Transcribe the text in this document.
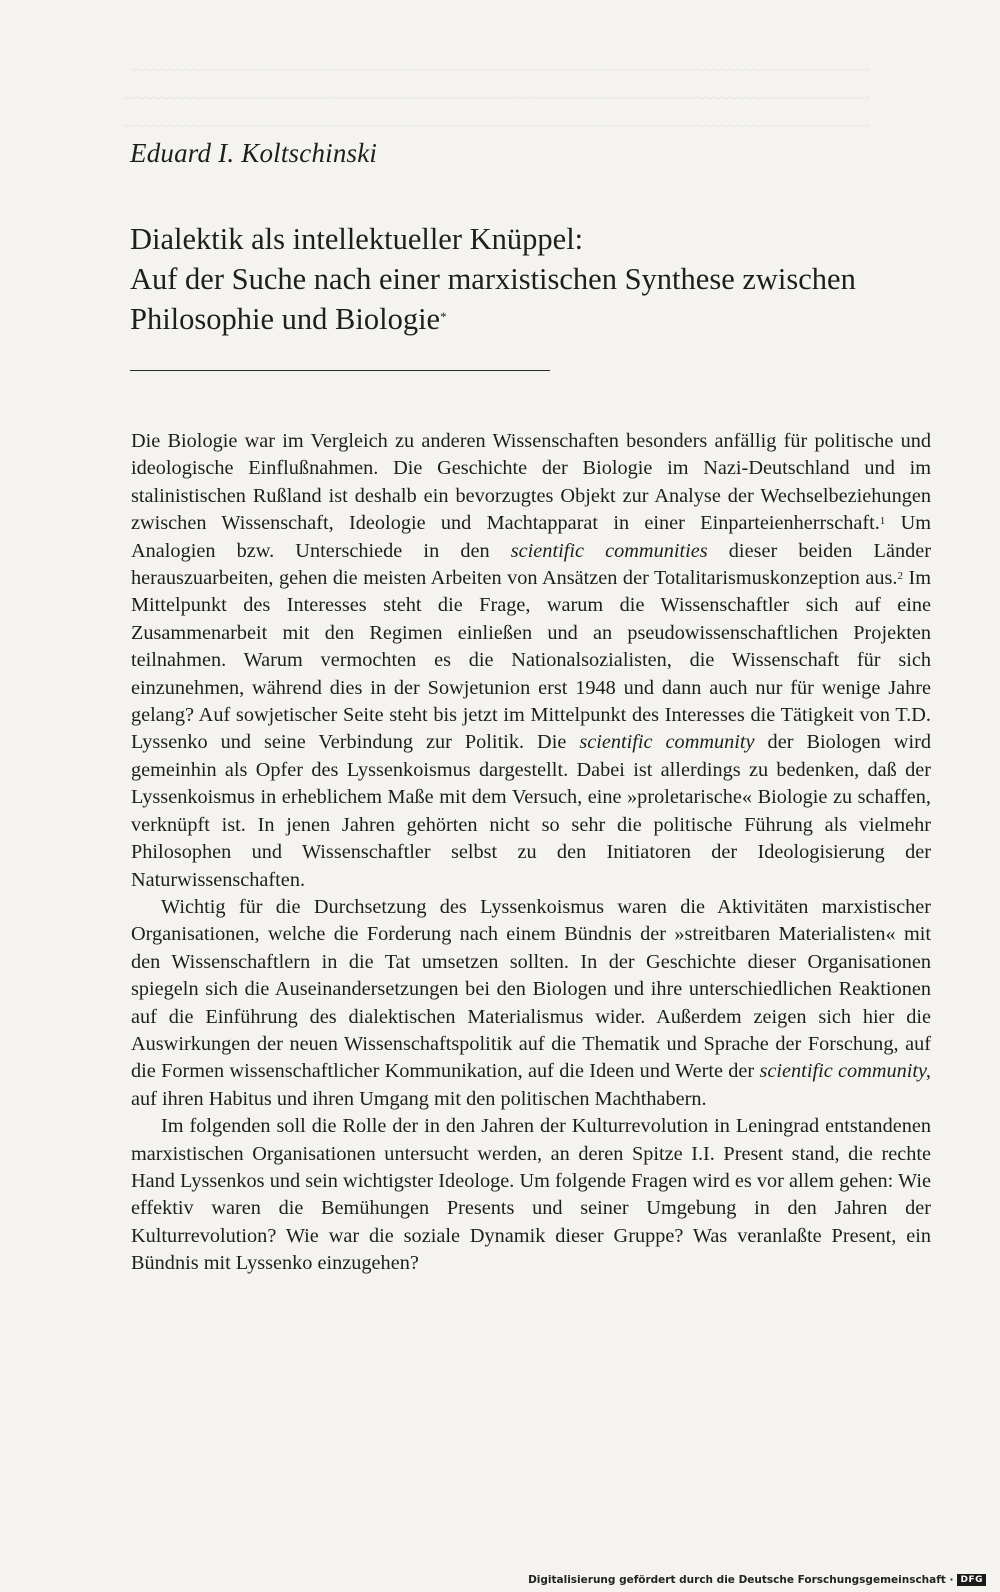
~~~~~~~~~~~~~~~~~~~~~~~~~~~~~~~~~~~~~~~~~~~~~~~~~~~~~~~~~~~~~~~~~~~~~~~~~~~~~~~~~~~~~~~~~~~

~~~~~~~~~~~~~~~~~~~~~~~~~~~~~~~~~~~~~~~~~~~~~~~~~~~~~~~~~~~~~~~~~~~~~~~~~~~~~~~~~~~~~~~~~~~~

~~~~~~~~~~~~~~~~~~~~~~~~~~~~~~~~~~~~~~~~~~~~~~~~~~~~~~~~~~~~~~~~~~~~~~~~~~~~~~~~~~~~~~~~~~~~

Eduard I. Koltschinski
Dialektik als intellektueller Knüppel:
Auf der Suche nach einer marxistischen Synthese zwischen
Philosophie und Biologie*

Die Biologie war im Vergleich zu anderen Wissenschaften besonders anfällig für politische und ideologische Einflußnahmen. Die Geschichte der Biologie im Nazi-Deutschland und im stalinistischen Rußland ist deshalb ein bevorzugtes Objekt zur Analyse der Wechselbeziehungen zwischen Wissenschaft, Ideologie und Machtapparat in einer Einparteienherrschaft.$^1$ Um Analogien bzw. Unterschiede in den scientific communities dieser beiden Länder herauszuarbeiten, gehen die meisten Arbeiten von Ansätzen der Totalitarismuskonzeption aus.$^2$ Im Mittelpunkt des Interesses steht die Frage, warum die Wissenschaftler sich auf eine Zusammenarbeit mit den Regimen einließen und an pseudowissenschaftlichen Projekten teilnahmen. Warum vermochten es die Nationalsozialisten, die Wissenschaft für sich einzunehmen, während dies in der Sowjetunion erst 1948 und dann auch nur für wenige Jahre gelang? Auf sowjetischer Seite steht bis jetzt im Mittelpunkt des Interesses die Tätigkeit von T.D. Lyssenko und seine Verbindung zur Politik. Die scientific community der Biologen wird gemeinhin als Opfer des Lyssenkoismus dargestellt. Dabei ist allerdings zu bedenken, daß der Lyssenkoismus in erheblichem Maße mit dem Versuch, eine »proletarische« Biologie zu schaffen, verknüpft ist. In jenen Jahren gehörten nicht so sehr die politische Führung als vielmehr Philosophen und Wissenschaftler selbst zu den Initiatoren der Ideologisierung der Naturwissenschaften.

Wichtig für die Durchsetzung des Lyssenkoismus waren die Aktivitäten marxistischer Organisationen, welche die Forderung nach einem Bündnis der »streitbaren Materialisten« mit den Wissenschaftlern in die Tat umsetzen sollten. In der Geschichte dieser Organisationen spiegeln sich die Auseinandersetzungen bei den Biologen und ihre unterschiedlichen Reaktionen auf die Einführung des dialektischen Materialismus wider. Außerdem zeigen sich hier die Auswirkungen der neuen Wissenschaftspolitik auf die Thematik und Sprache der Forschung, auf die Formen wissenschaftlicher Kommunikation, auf die Ideen und Werte der scientific community, auf ihren Habitus und ihren Umgang mit den politischen Machthabern.

Im folgenden soll die Rolle der in den Jahren der Kulturrevolution in Leningrad entstandenen marxistischen Organisationen untersucht werden, an deren Spitze I.I. Present stand, die rechte Hand Lyssenkos und sein wichtigster Ideologe. Um folgende Fragen wird es vor allem gehen: Wie effektiv waren die Bemühungen Presents und seiner Umgebung in den Jahren der Kulturrevolution? Wie war die soziale Dynamik dieser Gruppe? Was veranlaßte Present, ein Bündnis mit Lyssenko einzugehen?

Digitalisierung gefördert durch die Deutsche Forschungsgemeinschaft · DFG
